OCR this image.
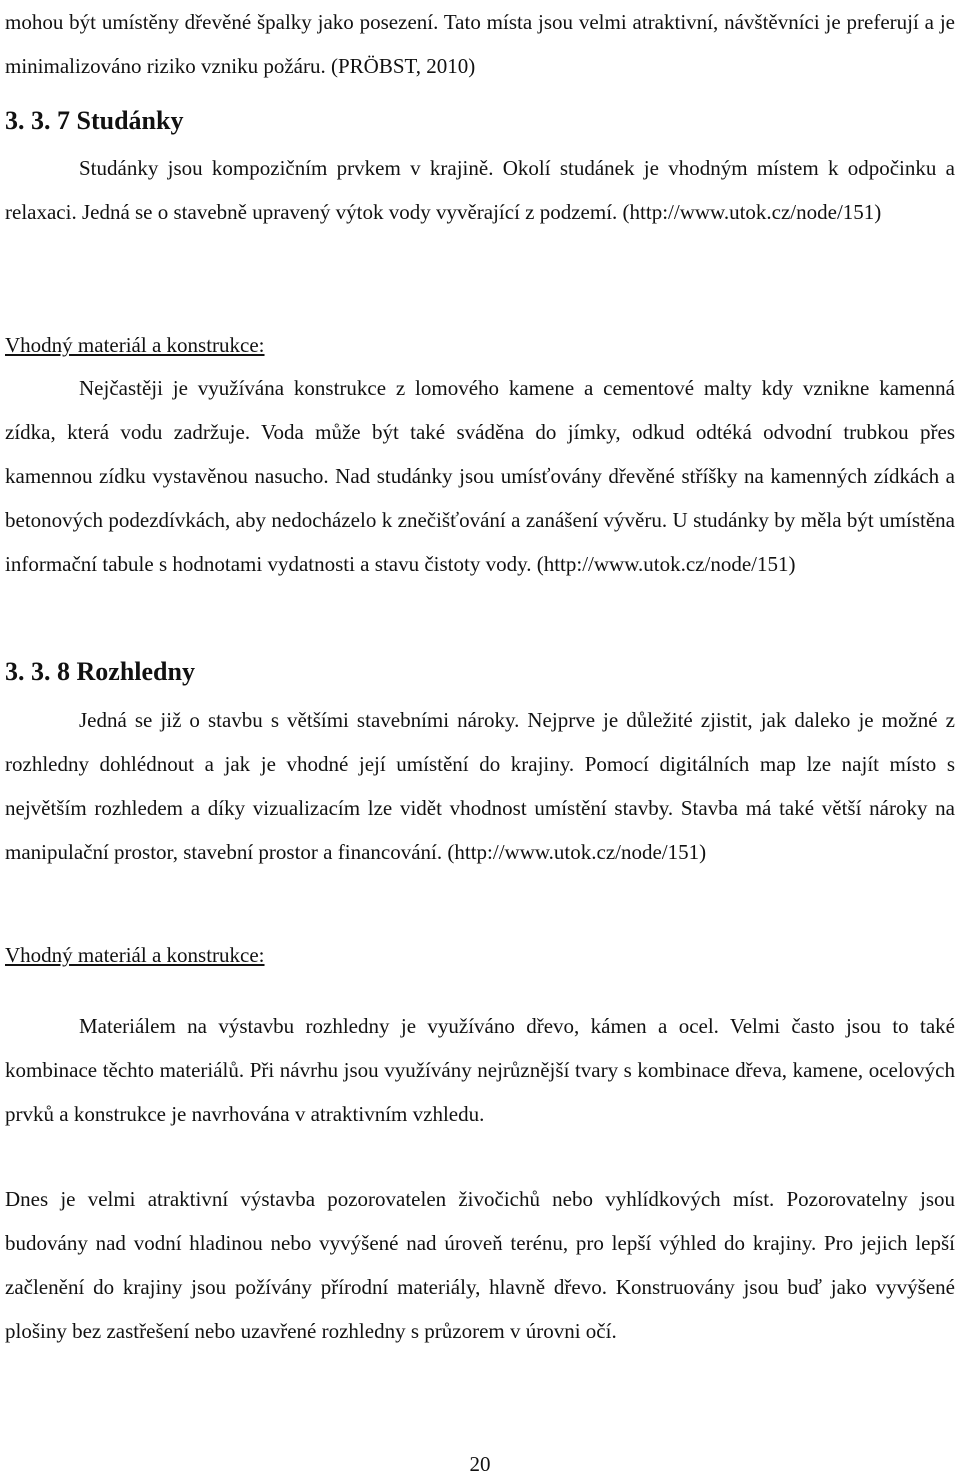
mohou být umístěny dřevěné špalky jako posezení. Tato místa jsou velmi atraktivní, návštěvníci je preferují a je minimalizováno riziko vzniku požáru. (PRÖBST, 2010)

3. 3. 7 Studánky

Studánky jsou kompozičním prvkem v krajině. Okolí studánek je vhodným místem k odpočinku a relaxaci. Jedná se o stavebně upravený výtok vody vyvěrající z podzemí. (http://www.utok.cz/node/151)

Vhodný materiál a konstrukce:

Nejčastěji je využívána konstrukce z lomového kamene a cementové malty kdy vznikne kamenná zídka, která vodu zadržuje. Voda může být také sváděna do jímky, odkud odtéká odvodní trubkou přes kamennou zídku vystavěnou nasucho. Nad studánky jsou umísťovány dřevěné stříšky na kamenných zídkách a betonových podezdívkách, aby nedocházelo k znečišťování a zanášení vývěru. U studánky by měla být umístěna informační tabule s hodnotami vydatnosti a stavu čistoty vody. (http://www.utok.cz/node/151)

3. 3. 8 Rozhledny

Jedná se již o stavbu s většími stavebními nároky. Nejprve je důležité zjistit, jak daleko je možné z rozhledny dohlédnout a jak je vhodné její umístění do krajiny. Pomocí digitálních map lze najít místo s největším rozhledem a díky vizualizacím lze vidět vhodnost umístění stavby. Stavba má také větší nároky na manipulační prostor, stavební prostor a financování. (http://www.utok.cz/node/151)

Vhodný materiál a konstrukce:

Materiálem na výstavbu rozhledny je využíváno dřevo, kámen a ocel. Velmi často jsou to také kombinace těchto materiálů. Při návrhu jsou využívány nejrůznější tvary s kombinace dřeva, kamene, ocelových prvků a konstrukce je navrhována v atraktivním vzhledu.

Dnes je velmi atraktivní výstavba pozorovatelen živočichů nebo vyhlídkových míst. Pozorovatelny jsou budovány nad vodní hladinou nebo vyvýšené nad úroveň terénu, pro lepší výhled do krajiny. Pro jejich lepší začlenění do krajiny jsou požívány přírodní materiály, hlavně dřevo. Konstruovány jsou buď jako vyvýšené plošiny bez zastřešení nebo uzavřené rozhledny s průzorem v úrovni očí.

20
